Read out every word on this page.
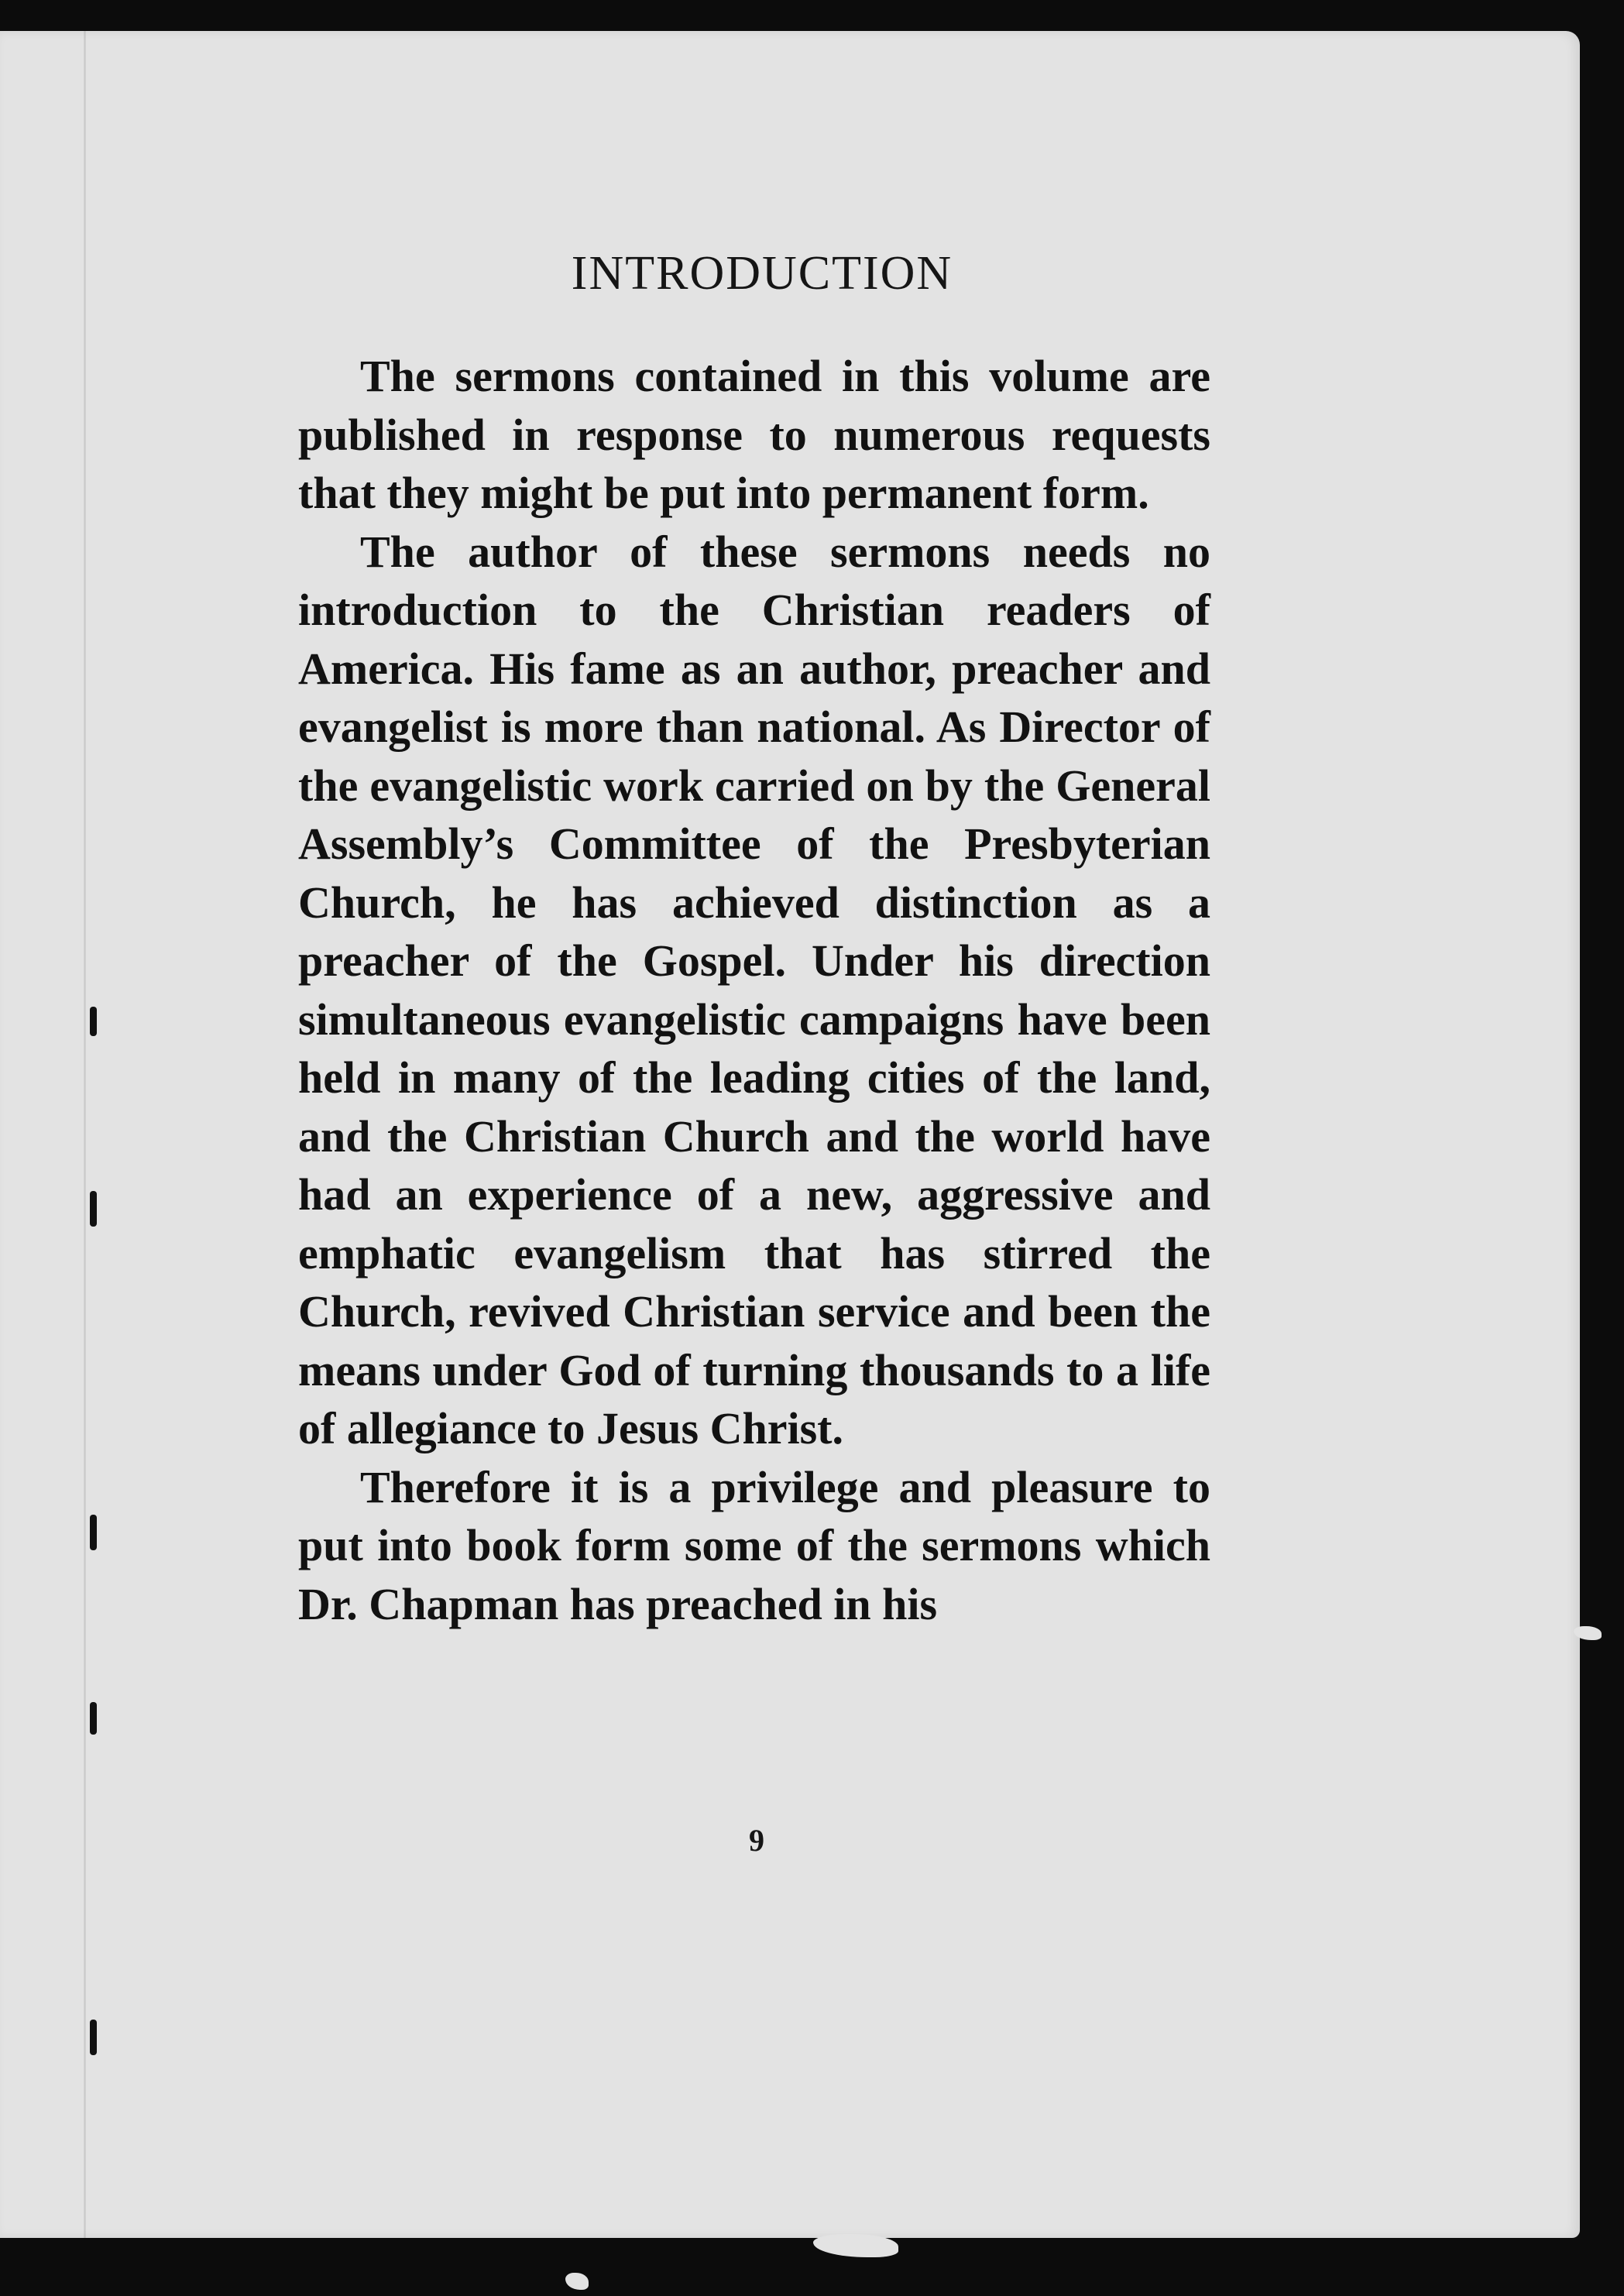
INTRODUCTION

The sermons contained in this volume are published in response to numerous requests that they might be put into permanent form.

The author of these sermons needs no introduction to the Christian readers of America. His fame as an author, preacher and evangelist is more than national. As Director of the evangelistic work carried on by the General Assembly’s Committee of the Presbyterian Church, he has achieved distinction as a preacher of the Gospel. Under his direction simultaneous evangelistic campaigns have been held in many of the leading cities of the land, and the Christian Church and the world have had an experience of a new, aggressive and emphatic evangelism that has stirred the Church, revived Christian service and been the means under God of turning thousands to a life of allegiance to Jesus Christ.

Therefore it is a privilege and pleasure to put into book form some of the sermons which Dr. Chapman has preached in his

9
